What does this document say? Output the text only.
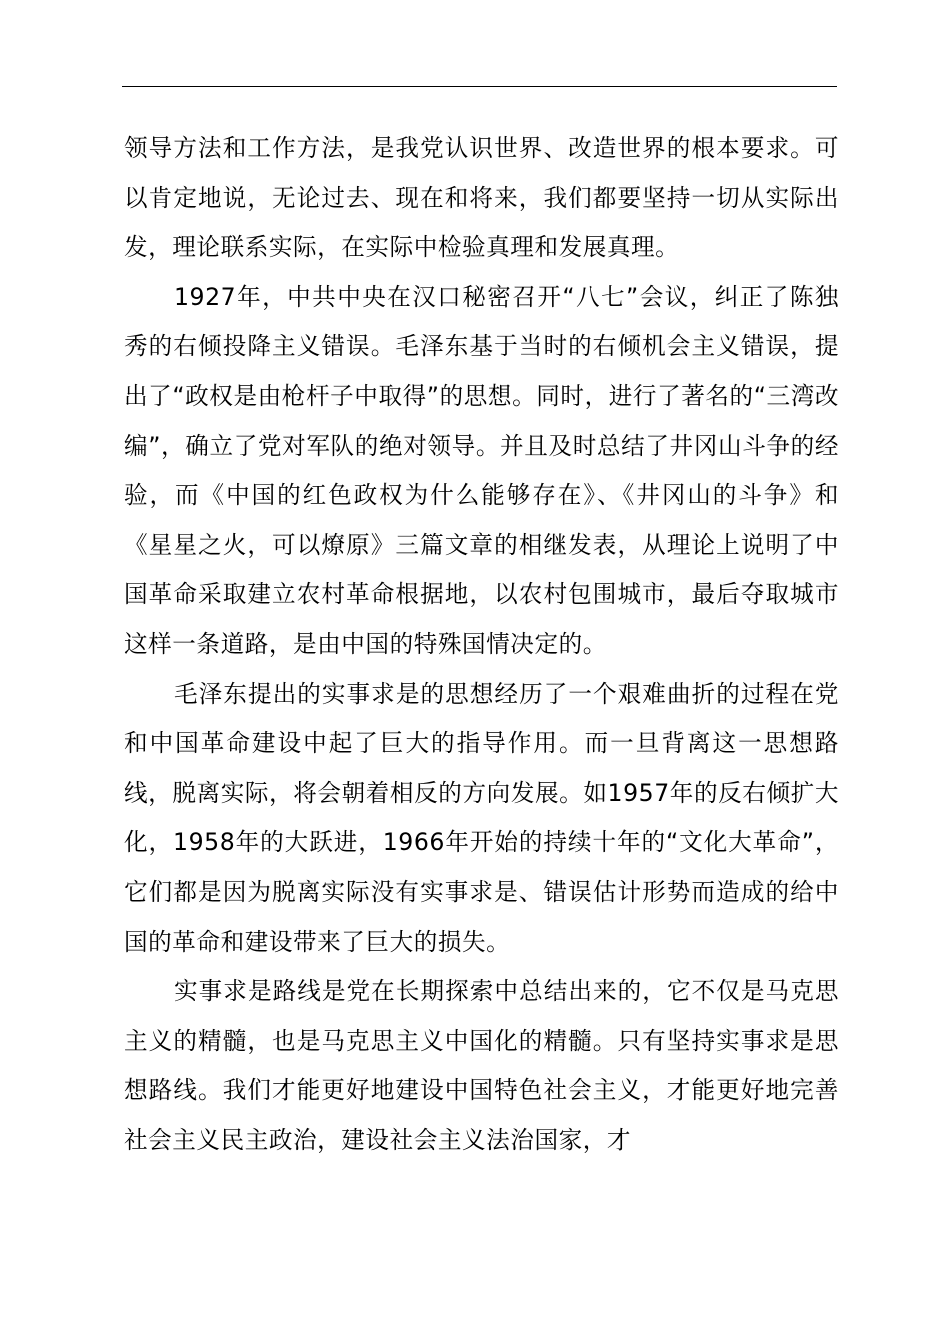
领导方法和工作方法，是我党认识世界、改造世界的根本要求。可以肯定地说，无论过去、现在和将来，我们都要坚持一切从实际出发，理论联系实际，在实际中检验真理和发展真理。

1927年，中共中央在汉口秘密召开“八七”会议，纠正了陈独秀的右倾投降主义错误。毛泽东基于当时的右倾机会主义错误，提出了“政权是由枪杆子中取得”的思想。同时，进行了著名的“三湾改编”，确立了党对军队的绝对领导。并且及时总结了井冈山斗争的经验，而《中国的红色政权为什么能够存在》、《井冈山的斗争》和《星星之火，可以燎原》三篇文章的相继发表，从理论上说明了中国革命采取建立农村革命根据地，以农村包围城市，最后夺取城市这样一条道路，是由中国的特殊国情决定的。

毛泽东提出的实事求是的思想经历了一个艰难曲折的过程在党和中国革命建设中起了巨大的指导作用。而一旦背离这一思想路线，脱离实际，将会朝着相反的方向发展。如1957年的反右倾扩大化，1958年的大跃进，1966年开始的持续十年的“文化大革命”，它们都是因为脱离实际没有实事求是、错误估计形势而造成的给中国的革命和建设带来了巨大的损失。

实事求是路线是党在长期探索中总结出来的，它不仅是马克思主义的精髓，也是马克思主义中国化的精髓。只有坚持实事求是思想路线。我们才能更好地建设中国特色社会主义，才能更好地完善社会主义民主政治，建设社会主义法治国家，才
